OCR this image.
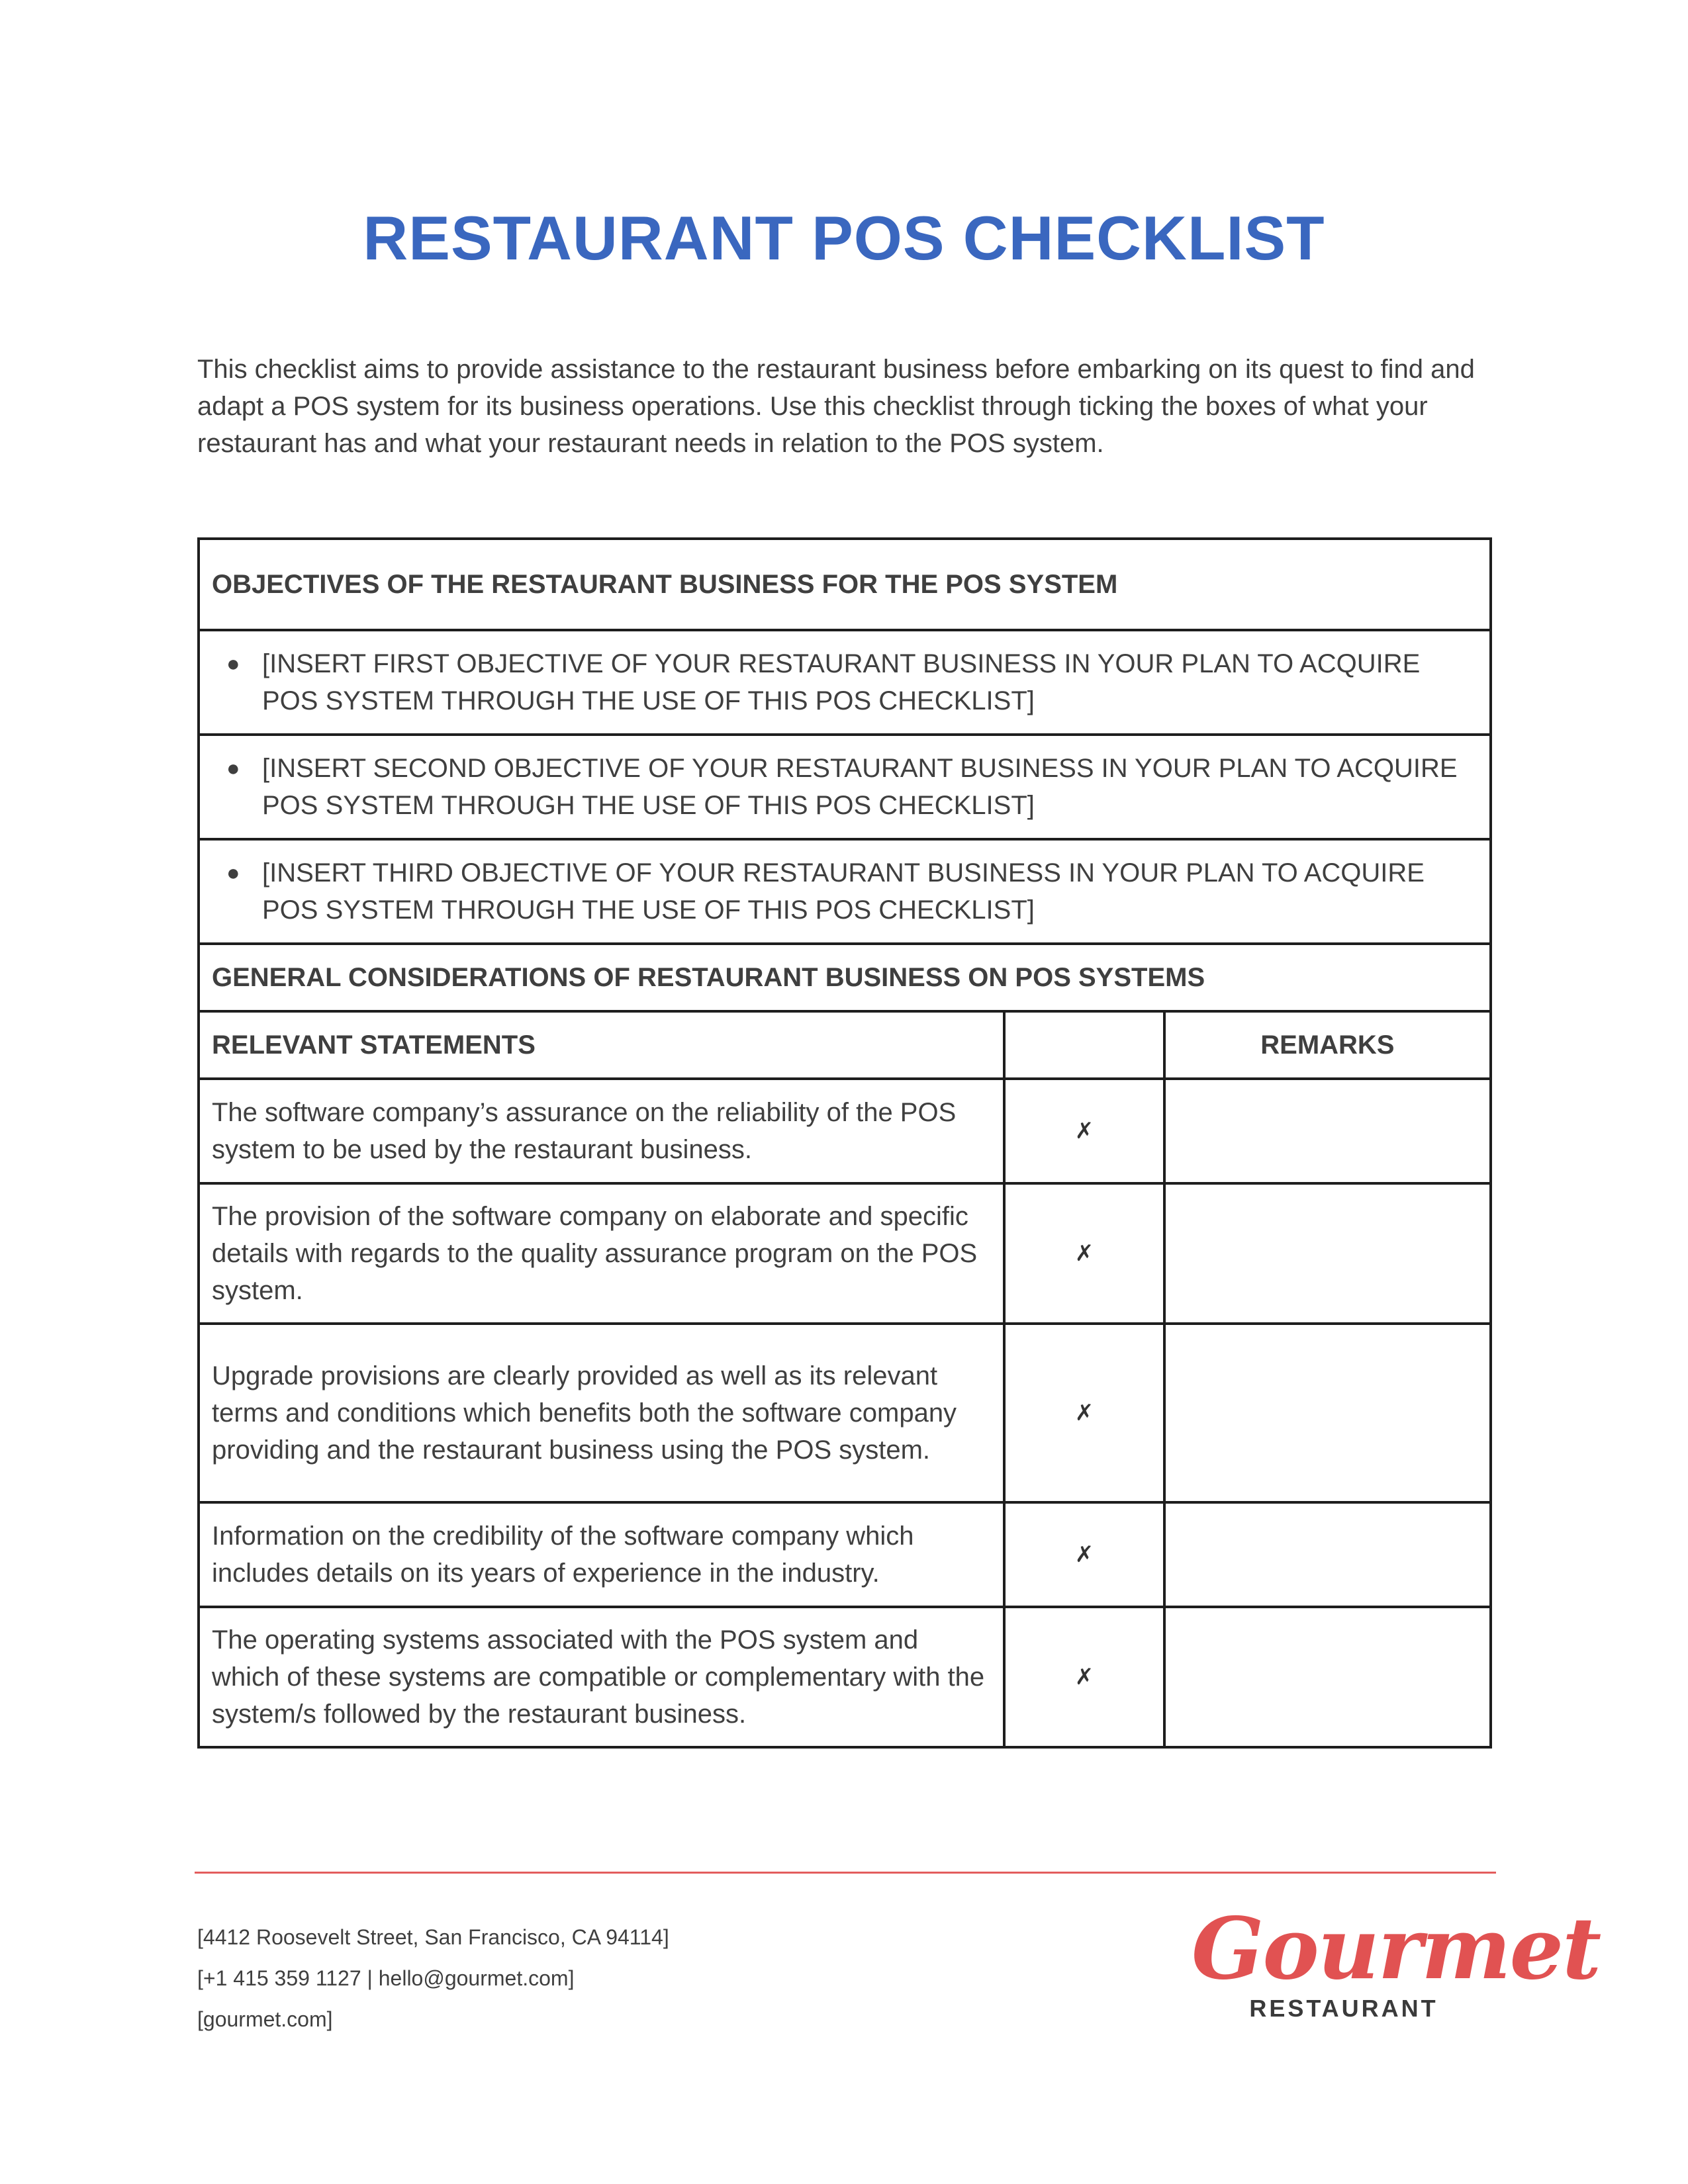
RESTAURANT POS CHECKLIST

This checklist aims to provide assistance to the restaurant business before embarking on its quest to find and adapt a POS system for its business operations. Use this checklist through ticking the boxes of what your restaurant has and what your restaurant needs in relation to the POS system.

OBJECTIVES OF THE RESTAURANT BUSINESS FOR THE POS SYSTEM		

● [INSERT FIRST OBJECTIVE OF YOUR RESTAURANT BUSINESS IN YOUR PLAN TO ACQUIRE POS SYSTEM THROUGH THE USE OF THIS POS CHECKLIST]		

● [INSERT SECOND OBJECTIVE OF YOUR RESTAURANT BUSINESS IN YOUR PLAN TO ACQUIRE POS SYSTEM THROUGH THE USE OF THIS POS CHECKLIST]		

● [INSERT THIRD OBJECTIVE OF YOUR RESTAURANT BUSINESS IN YOUR PLAN TO ACQUIRE POS SYSTEM THROUGH THE USE OF THIS POS CHECKLIST]		

GENERAL CONSIDERATIONS OF RESTAURANT BUSINESS ON POS SYSTEMS		
RELEVANT STATEMENTS		REMARKS
The software company’s assurance on the reliability of the POS system to be used by the restaurant business.	✗	
The provision of the software company on elaborate and specific details with regards to the quality assurance program on the POS system.	✗	
Upgrade provisions are clearly provided as well as its relevant terms and conditions which benefits both the software company providing and the restaurant business using the POS system.	✗	
Information on the credibility of the software company which includes details on its years of experience in the industry.	✗	
The operating systems associated with the POS system and which of these systems are compatible or complementary with the system/s followed by the restaurant business.	✗	
[4412 Roosevelt Street, San Francisco, CA 94114]
[+1 415 359 1127 | hello@gourmet.com]
[gourmet.com]
Gourmet
RESTAURANT
